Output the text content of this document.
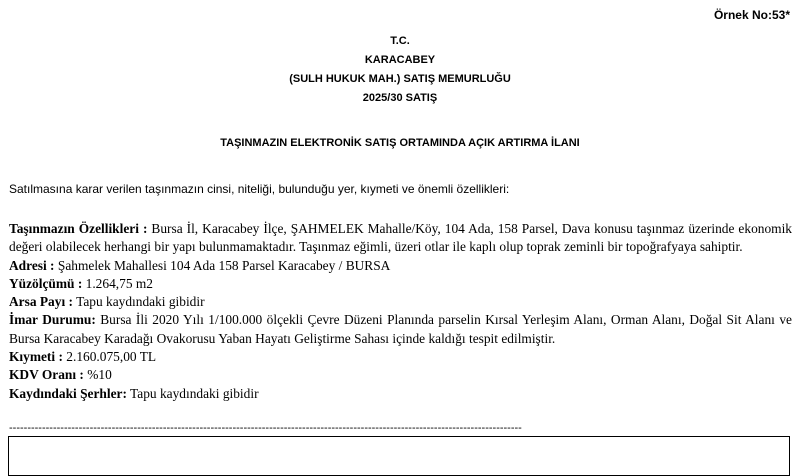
Örnek No:53*
T.C.
KARACABEY
(SULH HUKUK MAH.) SATIŞ MEMURLUĞU
2025/30 SATIŞ
TAŞINMAZIN ELEKTRONİK SATIŞ ORTAMINDA AÇIK ARTIRMA İLANI
Satılmasına karar verilen taşınmazın cinsi, niteliği, bulunduğu yer, kıymeti ve önemli özellikleri:

Taşınmazın Özellikleri : Bursa İl, Karacabey İlçe, ŞAHMELEK Mahalle/Köy, 104 Ada, 158 Parsel, Dava konusu taşınmaz üzerinde ekonomik değeri olabilecek herhangi bir yapı bulunmamaktadır. Taşınmaz eğimli, üzeri otlar ile kaplı olup toprak zeminli bir topoğrafyaya sahiptir.

Adresi : Şahmelek Mahallesi 104 Ada 158 Parsel Karacabey / BURSA

Yüzölçümü : 1.264,75 m2

Arsa Payı : Tapu kaydındaki gibidir

İmar Durumu: Bursa İli 2020 Yılı 1/100.000 ölçekli Çevre Düzeni Planında parselin Kırsal Yerleşim Alanı, Orman Alanı, Doğal Sit Alanı ve Bursa Karacabey Karadağı Ovakorusu Yaban Hayatı Geliştirme Sahası içinde kaldığı tespit edilmiştir.

Kıymeti : 2.160.075,00 TL

KDV Oranı : %10

Kaydındaki Şerhler: Tapu kaydındaki gibidir

--------------------------------------------------------------------------------------------------------------------------------------------
